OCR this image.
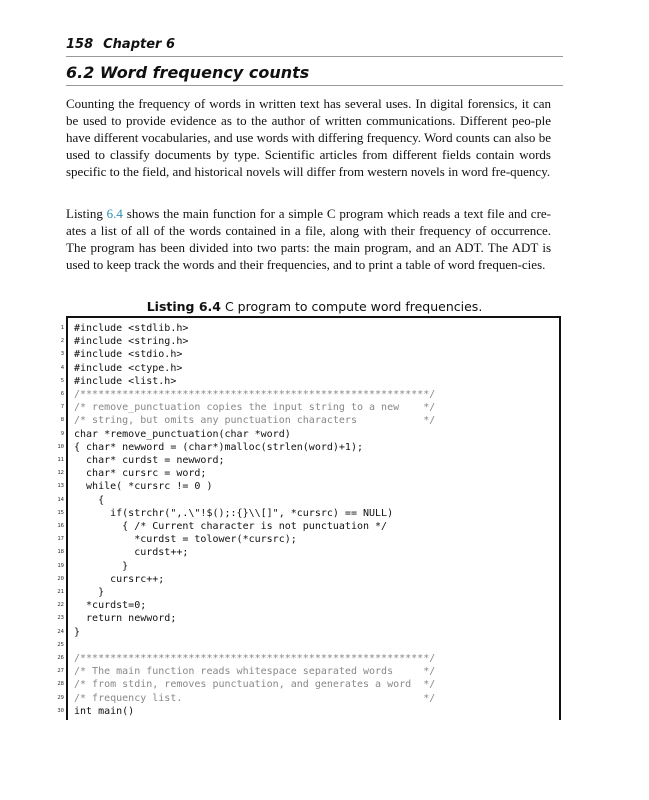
158 Chapter 6
6.2 Word frequency counts

Counting the frequency of words in written text has several uses. In digital forensics, it can be used to provide evidence as to the author of written communications. Different peo-ple have different vocabularies, and use words with differing frequency. Word counts can also be used to classify documents by type. Scientific articles from different fields contain words specific to the field, and historical novels will differ from western novels in word fre-quency.

Listing 6.4 shows the main function for a simple C program which reads a text file and cre-ates a list of all of the words contained in a file, along with their frequency of occurrence. The program has been divided into two parts: the main program, and an ADT. The ADT is used to keep track the words and their frequencies, and to print a table of word frequen-cies.

Listing 6.4 C program to compute word frequencies.
1 #include <stdlib.h>
2 #include <string.h>
3 #include <stdio.h>
4 #include <ctype.h>
5 #include <list.h>
6 /**********************************************************/
7 /* remove_punctuation copies the input string to a new    */
8 /* string, but omits any punctuation characters           */
9 char *remove_punctuation(char *word)
10 { char* newword = (char*)malloc(strlen(word)+1);
11 char* curdst = newword;
12 char* cursrc = word;
13 while( *cursrc != 0 )
14 {
15 if(strchr(",.\"!$();:{}\\[]", *cursrc) == NULL)
16 { /* Current character is not punctuation */
17 *curdst = tolower(*cursrc);
18 curdst++;
19 }
20 cursrc++;
21 }
22 *curdst=0;
23 return newword;
24 }
25
26 /**********************************************************/
27 /* The main function reads whitespace separated words     */
28 /* from stdin, removes punctuation, and generates a word  */
29 /* frequency list.                                        */
30 int main()
